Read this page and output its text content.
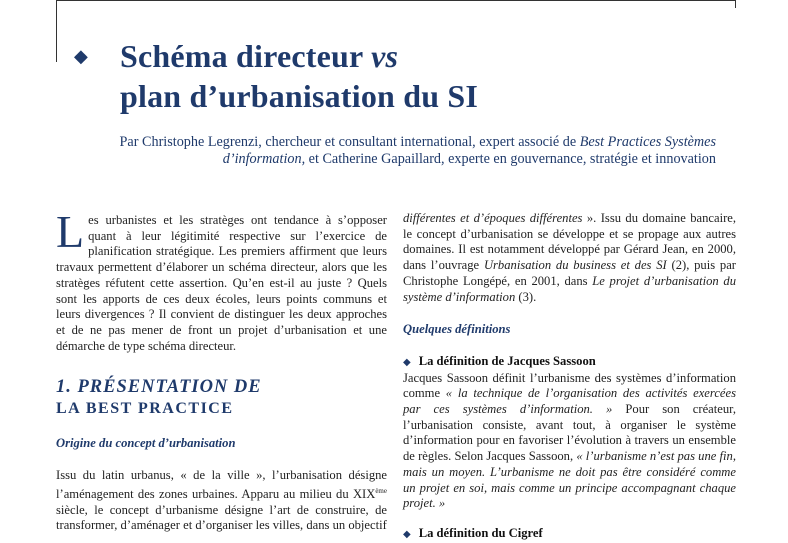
◆ Schéma directeur vs
plan d’urbanisation du SI
Par Christophe Legrenzi, chercheur et consultant international, expert associé de Best Practices Systèmes d’information, et Catherine Gapaillard, experte en gouvernance, stratégie et innovation

Les urbanistes et les stratèges ont tendance à s’opposer quant à leur légitimité respective sur l’exercice de planification stratégique. Les premiers affirment que leurs travaux permettent d’élaborer un schéma directeur, alors que les stratèges réfutent cette assertion. Qu’en est-il au juste ? Quels sont les apports de ces deux écoles, leurs points communs et leurs divergences ? Il convient de distinguer les deux approches et de ne pas mener de front un projet d’urbanisation et une démarche de type schéma directeur.

1. PRÉSENTATION DE
LA BEST PRACTICE
Origine du concept d’urbanisation

Issu du latin urbanus, « de la ville », l’urbanisation désigne l’aménagement des zones urbaines. Apparu au milieu du XIXème siècle, le concept d’urbanisme désigne l’art de construire, de transformer, d’aménager et d’organiser les villes, dans un objectif

différentes et d’époques différentes ». Issu du domaine bancaire, le concept d’urbanisation se développe et se propage aux autres domaines. Il est notamment développé par Gérard Jean, en 2000, dans l’ouvrage Urbanisation du business et des SI (2), puis par Christophe Longépé, en 2001, dans Le projet d’urbanisation du système d’information (3).

Quelques définitions
◆ La définition de Jacques Sassoon

Jacques Sassoon définit l’urbanisme des systèmes d’information comme « la technique de l’organisation des activités exercées par ces systèmes d’information. » Pour son créateur, l’urbanisation consiste, avant tout, à organiser le système d’information pour en favoriser l’évolution à travers un ensemble de règles. Selon Jacques Sassoon, « l’urbanisme n’est pas une fin, mais un moyen. L’urbanisme ne doit pas être considéré comme un projet en soi, mais comme un principe accompagnant chaque projet. »

◆ La définition du Cigref
